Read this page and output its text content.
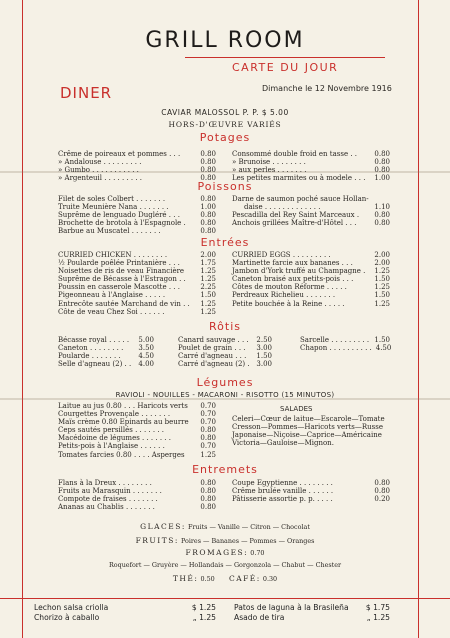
GRILL ROOM
CARTE DU JOUR
DINER	Dimanche le 12 Novembre 1916
CAVIAR MALOSSOL P. P. $ 5.00
HORS-D'ŒUVRE VARIÉS
Potages
Crême de poireaux et pommes . . .	0.80
» Andalouse . . . . . . . . .	0.80
» Gumbo . . . . . . . . . . .	0.80
» Argenteuil . . . . . . . . .	0.80
Consommé double froid en tasse . . 0.80
» Brunoise . . . . . . . .	0.80
» aux perles . . . . . . .	0.80
Les petites marmites ou à modele . . . 1.00
Poissons
Filet de soles Colbert . . . . . . .	0.80
Truite Meunière Nana . . . . . . .	1.00
Suprême de lenguado Dugléré . . .	0.80
Brochette de brotola à l'Espagnole . 0.80
Barbue au Muscatel . . . . . . .	0.80
Darne de saumon poché sauce Hollan-
daise . . . . . . . . . . . . .	1.10
Pescadilla del Rey Saint Marceaux . 0.80
Anchois grillées Maître-d'Hôtel . . .	0.80
Entrées
CURRIED CHICKEN . . . . . . . .	2.00
½ Poularde poêlée Printanière . . .	1.75
Noisettes de ris de veau Financière 1.25
Suprême de Bécasse à l'Estragon . . 1.25
Poussin en casserole Mascotte . . .	2.25
Pigeonneau à l'Anglaise . . . . .	1.50
Entrecôte sautée Marchand de vin . . 1.25
Côte de veau Chez Soi . . . . . .	1.25
CURRIED EGGS . . . . . . . . .	2.00
Martinette farcie aux bananes . . .	2.00
Jambon d'York truffé au Champagne . 1.25
Caneton braisé aux petits-pois . . .	1.50
Côtes de mouton Réforme . . . . .	1.25
Perdreaux Richelieu . . . . . . .	1.50
Petite bouchée à la Reine . . . . .	1.25
Rôtis
Bécasse royal . . . . . 5.00
Caneton . . . . . . . . 3.50
Poularde . . . . . . .	4.50
Selle d'agneau (2) . . 4.00
Canard sauvage . . . 2.50
Poulet de grain . . . 3.00
Carré d'agneau . . . 1.50
Carré d'agneau (2) . 3.00
Sarcelle . . . . . . . . . 1.50
Chapon . . . . . . . . . . 4.50
Légumes
RAVIOLI - NOUILLES - MACARONI - RISOTTO (15 MINUTOS)
Laitue au jus 0.80 . . . Haricots verts 0.70
Courgettes Provençale . . . . . . .	0.70
Maïs crème 0.80 Epinards au beurre 0.70
Ceps sautés persillés . . . . . . .	0.80
Macédoine de légumes . . . . . . .	0.80
Petits-pois à l'Anglaise . . . . . .	0.70
Tomates farcies 0.80 . . . . Asperges 1.25
SALADES
Celeri—Cœur de laitue—Escarole—Tomate
Cresson—Pommes—Haricots verts—Russe
Japonaise—Niçoise—Caprice—Américaine
Victoria—Gauloise—Mignon.
Entremets
Flans à la Dreux . . . . . . . .	0.80
Fruits au Marasquin . . . . . . .	0.80
Compote de fraises . . . . . . .	0.80
Ananas au Chablis . . . . . . .	0.80
Coupe Egyptienne . . . . . . . .	0.80
Crême brulée vanille . . . . . .	0.80
Pâtisserie assortie p. p. . . . .	0.20
GLACES: Fruits — Vanille — Citron — Chocolat
FRUITS: Poires — Bananes — Pommes — Oranges
FROMAGES: 0.70
Roquefort — Gruyère — Hollandais — Gorgonzola — Chabut — Chester
THÉ: 0.50 CAFÉ: 0.30
Lechon salsa criolla	$ 1.25
Chorizo à caballo	„ 1.25
Patos de laguna à la Brasileña $ 1.75
Asado de tira	„ 1.25
